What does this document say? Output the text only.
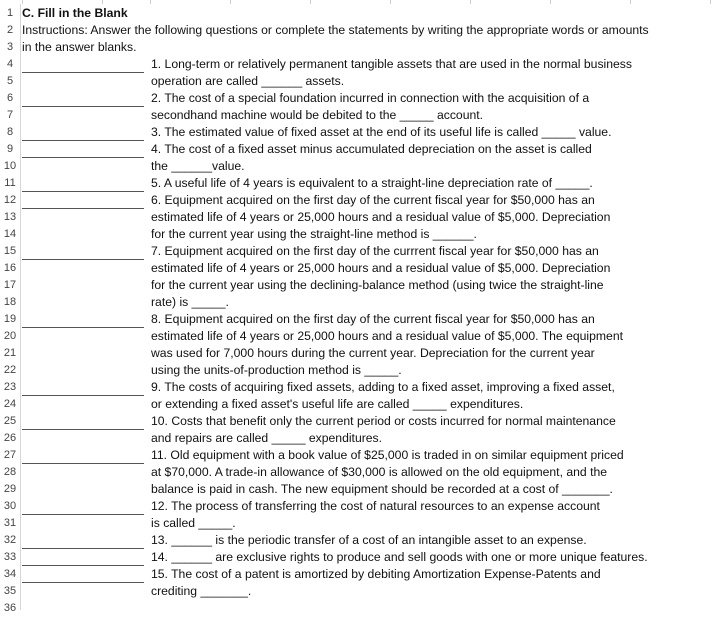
1 C. Fill in the Blank
2 Instructions: Answer the following questions or complete the statements by writing the appropriate words or amounts
3 in the answer blanks.
4	1. Long-term or relatively permanent tangible assets that are used in the normal business
5	operation are called ______ assets.
6	2. The cost of a special foundation incurred in connection with the acquisition of a
7	secondhand machine would be debited to the _____ account.
8	3. The estimated value of fixed asset at the end of its useful life is called _____ value.
9	4. The cost of a fixed asset minus accumulated depreciation on the asset is called
10	the ______value.
11	5. A useful life of 4 years is equivalent to a straight-line depreciation rate of _____.
12	6. Equipment acquired on the first day of the current fiscal year for $50,000 has an
13	estimated life of 4 years or 25,000 hours and a residual value of $5,000. Depreciation
14	for the current year using the straight-line method is ______.
15	7. Equipment acquired on the first day of the currrent fiscal year for $50,000 has an
16	estimated life of 4 years or 25,000 hours and a residual value of $5,000. Depreciation
17	for the current year using the declining-balance method (using twice the straight-line
18	rate) is _____.
19	8. Equipment acquired on the first day of the current fiscal year for $50,000 has an
20	estimated life of 4 years or 25,000 hours and a residual value of $5,000. The equipment
21	was used for 7,000 hours during the current year. Depreciation for the current year
22	using the units-of-production method is _____.
23	9. The costs of acquiring fixed assets, adding to a fixed asset, improving a fixed asset,
24	or extending a fixed asset's useful life are called _____ expenditures.
25	10. Costs that benefit only the current period or costs incurred for normal maintenance
26	and repairs are called _____ expenditures.
27	11. Old equipment with a book value of $25,000 is traded in on similar equipment priced
28	at $70,000. A trade-in allowance of $30,000 is allowed on the old equipment, and the
29	balance is paid in cash. The new equipment should be recorded at a cost of _______.
30	12. The process of transferring the cost of natural resources to an expense account
31	is called _____.
32	13. ______ is the periodic transfer of a cost of an intangible asset to an expense.
33	14. ______ are exclusive rights to produce and sell goods with one or more unique features.
34	15. The cost of a patent is amortized by debiting Amortization Expense-Patents and
35	crediting _______.
36
